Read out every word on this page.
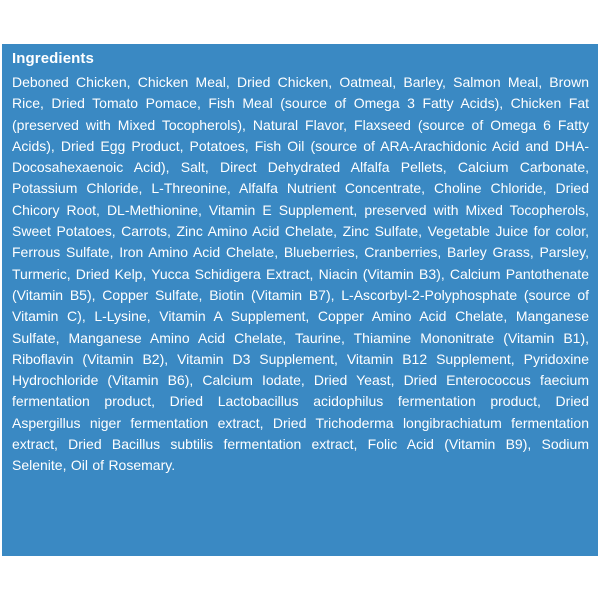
Ingredients

Deboned Chicken, Chicken Meal, Dried Chicken, Oatmeal, Barley, Salmon Meal, Brown Rice, Dried Tomato Pomace, Fish Meal (source of Omega 3 Fatty Acids), Chicken Fat (preserved with Mixed Tocopherols), Natural Flavor, Flaxseed (source of Omega 6 Fatty Acids), Dried Egg Product, Potatoes, Fish Oil (source of ARA-Arachidonic Acid and DHA-Docosahexaenoic Acid), Salt, Direct Dehydrated Alfalfa Pellets, Calcium Carbonate, Potassium Chloride, L-Threonine, Alfalfa Nutrient Concentrate, Choline Chloride, Dried Chicory Root, DL-Methionine, Vitamin E Supplement, preserved with Mixed Tocopherols, Sweet Potatoes, Carrots, Zinc Amino Acid Chelate, Zinc Sulfate, Vegetable Juice for color, Ferrous Sulfate, Iron Amino Acid Chelate, Blueberries, Cranberries, Barley Grass, Parsley, Turmeric, Dried Kelp, Yucca Schidigera Extract, Niacin (Vitamin B3), Calcium Pantothenate (Vitamin B5), Copper Sulfate, Biotin (Vitamin B7), L-Ascorbyl-2-Polyphosphate (source of Vitamin C), L-Lysine, Vitamin A Supplement, Copper Amino Acid Chelate, Manganese Sulfate, Manganese Amino Acid Chelate, Taurine, Thiamine Mononitrate (Vitamin B1), Riboflavin (Vitamin B2), Vitamin D3 Supplement, Vitamin B12 Supplement, Pyridoxine Hydrochloride (Vitamin B6), Calcium Iodate, Dried Yeast, Dried Enterococcus faecium fermentation product, Dried Lactobacillus acidophilus fermentation product, Dried Aspergillus niger fermentation extract, Dried Trichoderma longibrachiatum fermentation extract, Dried Bacillus subtilis fermentation extract, Folic Acid (Vitamin B9), Sodium Selenite, Oil of Rosemary.
